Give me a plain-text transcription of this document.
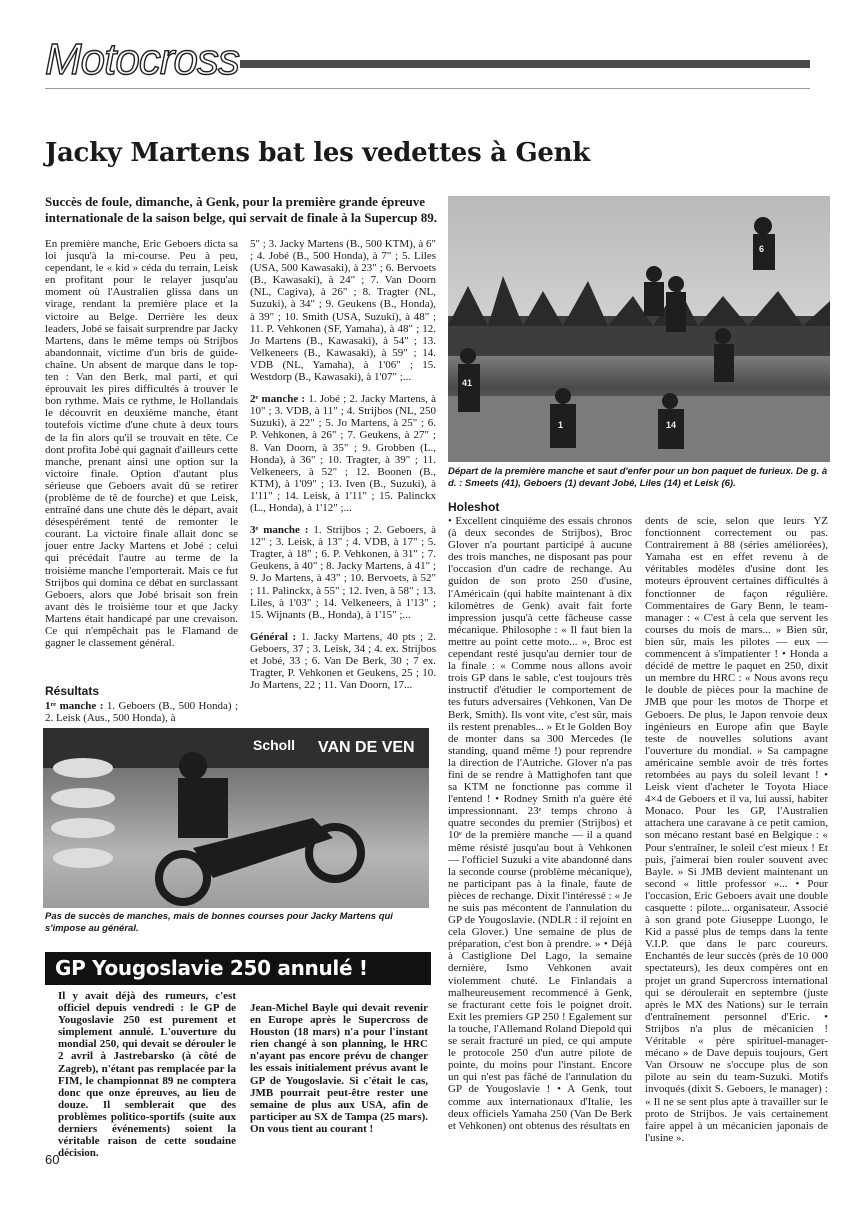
Motocross
Jacky Martens bat les vedettes à Genk
Succès de foule, dimanche, à Genk, pour la première grande épreuve internationale de la saison belge, qui servait de finale à la Supercup 89.

En première manche, Eric Geboers dicta sa loi jusqu'à la mi-course. Peu à peu, cependant, le « kid » céda du terrain, Leisk en profitant pour le relayer jusqu'au moment où l'Australien glissa dans un virage, rendant la première place et la victoire au Belge. Derrière les deux leaders, Jobé se faisait surprendre par Jacky Martens, dans le même temps où Strijbos abandonnait, victime d'un bris de guide-chaîne. Un absent de marque dans le top-ten : Van den Berk, mal parti, et qui éprouvait les pires difficultés à trouver le bon rythme. Mais ce rythme, le Hollandais le découvrit en deuxième manche, étant toutefois victime d'une chute à deux tours de la fin alors qu'il se trouvait en tête. Ce dont profita Jobé qui gagnait d'ailleurs cette manche, prenant ainsi une option sur la victoire finale. Option d'autant plus sérieuse que Geboers avait dû se retirer (problème de tê de fourche) et que Leisk, entraîné dans une chute dès le départ, avait désespérément tenté de remonter le courant. La victoire finale allait donc se jouer entre Jacky Martens et Jobé : celui qui précédait l'autre au terme de la troisième manche l'emporterait. Mais ce fut Strijbos qui domina ce débat en surclassant Geboers, alors que Jobé brisait son frein avant dès le troisième tour et que Jacky Martens était handicapé par une crevaison. Ce qui n'empêchait pas le Flamand de gagner le classement général.

Résultats
1ʳᵉ manche : 1. Geboers (B., 500 Honda) ; 2. Leisk (Aus., 500 Honda), à

5" ; 3. Jacky Martens (B., 500 KTM), à 6" ; 4. Jobé (B., 500 Honda), à 7" ; 5. Liles (USA, 500 Kawasaki), à 23" ; 6. Bervoets (B., Kawasaki), à 24" ; 7. Van Doorn (NL, Cagiva), à 26" ; 8. Tragter (NL, Suzuki), à 34" ; 9. Geukens (B., Honda), à 39" ; 10. Smith (USA, Suzuki), à 48" ; 11. P. Vehkonen (SF, Yamaha), à 48" ; 12. Jo Martens (B., Kawasaki), à 54" ; 13. Velkeneers (B., Kawasaki), à 59" ; 14. VDB (NL, Yamaha), à 1'06" ; 15. Westdorp (B., Kawasaki), à 1'07" ;...

2ᵉ manche : 1. Jobé ; 2. Jacky Martens, à 10" ; 3. VDB, à 11" ; 4. Strijbos (NL, 250 Suzuki), à 22" ; 5. Jo Martens, à 25" ; 6. P. Vehkonen, à 26" ; 7. Geukens, à 27" ; 8. Van Doorn, à 35" ; 9. Grobben (L., Honda), à 36" ; 10. Tragter, à 39" ; 11. Velkeneers, à 52" ; 12. Boonen (B., KTM), à 1'09" ; 13. Iven (B., Suzuki), à 1'11" ; 14. Leisk, à 1'11" ; 15. Palinckx (L., Honda), à 1'12" ;...

3ᵉ manche : 1. Strijbos ; 2. Geboers, à 12" ; 3. Leisk, à 13" ; 4. VDB, à 17" ; 5. Tragter, à 18" ; 6. P. Vehkonen, à 31" ; 7. Geukens, à 40" ; 8. Jacky Martens, à 41" ; 9. Jo Martens, à 43" ; 10. Bervoets, à 52" ; 11. Palinckx, à 55" ; 12. Iven, à 58" ; 13. Liles, à 1'03" ; 14. Velkeneers, à 1'13" ; 15. Wijnants (B., Honda), à 1'15" ;...

Général : 1. Jacky Martens, 40 pts ; 2. Geboers, 37 ; 3. Leisk, 34 ; 4. ex. Strijbos et Jobé, 33 ; 6. Van De Berk, 30 ; 7 ex. Tragter, P. Vehkonen et Geukens, 25 ; 10. Jo Martens, 22 ; 11. Van Doorn, 17...

6
41
1	14
Départ de la première manche et saut d'enfer pour un bon paquet de furieux. De g. à d. : Smeets (41), Geboers (1) devant Jobé, Liles (14) et Leisk (6).
Holeshot

• Excellent cinquième des essais chronos (à deux secondes de Strijbos), Broc Glover n'a pourtant participé à aucune des trois manches, ne disposant pas pour l'occasion d'un cadre de rechange. Au guidon de son proto 250 d'usine, l'Américain (qui habite maintenant à dix kilomètres de Genk) avait fait forte impression jusqu'à cette fâcheuse casse mécanique. Philosophe : « Il faut bien la mettre au point cette moto... », Broc est cependant resté jusqu'au dernier tour de la finale : « Comme nous allons avoir trois GP dans le sable, c'est toujours très instructif d'étudier le comportement de tes futurs adversaires (Vehkonen, Van De Berk, Smith). Ils vont vite, c'est sûr, mais ils restent prenables... » Et le Golden Boy de monter dans sa 300 Mercedes (le standing, quand même !) pour reprendre la direction de l'Autriche. Glover n'a pas fini de se rendre à Mattighofen tant que sa KTM ne fonctionne pas comme il l'entend ! • Rodney Smith n'a guère été impressionnant. 23ᵉ temps chrono à quatre secondes du premier (Strijbos) et 10ᵉ de la première manche — il a quand même résisté jusqu'au bout à Vehkonen — l'officiel Suzuki a vite abandonné dans la seconde course (problème mécanique), ne participant pas à la finale, faute de pièces de rechange. Dixit l'intéressé : « Je ne suis pas mécontent de l'annulation du GP de Yougoslavie. (NDLR : il rejoint en cela Glover.) Une semaine de plus de préparation, c'est bon à prendre. » • Déjà à Castiglione Del Lago, la semaine dernière, Ismo Vehkonen avait violemment chuté. Le Finlandais a malheureusement recommencé à Genk, se fracturant cette fois le poignet droit. Exit les premiers GP 250 ! Egalement sur la touche, l'Allemand Roland Diepold qui se serait fracturé un pied, ce qui ampute le protocole 250 d'un autre pilote de pointe, du moins pour l'instant. Encore un qui n'est pas fâché de l'annulation du GP de Yougoslavie ! • A Genk, tout comme aux internationaux d'Italie, les deux officiels Yamaha 250 (Van De Berk et Vehkonen) ont obtenus des résultats en

dents de scie, selon que leurs YZ fonctionnent correctement ou pas. Contrairement à 88 (séries améliorées), Yamaha est en effet revenu à de véritables modèles d'usine dont les moteurs éprouvent certaines difficultés à fonctionner de façon régulière. Commentaires de Gary Benn, le team-manager : « C'est à cela que servent les courses du mois de mars... » Bien sûr, bien sûr, mais les pilotes — eux — commencent à s'impatienter ! • Honda a décidé de mettre le paquet en 250, dixit un membre du HRC : « Nous avons reçu le double de pièces pour la machine de JMB que pour les motos de Thorpe et Geboers. De plus, le Japon renvoie deux ingénieurs en Europe afin que Bayle teste de nouvelles solutions avant l'ouverture du mondial. » Sa campagne américaine semble avoir de très fortes retombées au pays du soleil levant ! • Leisk vient d'acheter le Toyota Hiace 4×4 de Geboers et il va, lui aussi, habiter Monaco. Pour les GP, l'Australien attachera une caravane à ce petit camion, son mécano restant basé en Belgique : « Pour s'entraîner, le soleil c'est mieux ! Et puis, j'aimerai bien rouler souvent avec Bayle. » Si JMB devient maintenant un second « little professor »... • Pour l'occasion, Eric Geboers avait une double casquette : pilote... organisateur. Associé à son grand pote Giuseppe Luongo, le Kid a passé plus de temps dans la tente V.I.P. que dans le parc coureurs. Enchantés de leur succès (près de 10 000 spectateurs), les deux compères ont en projet un grand Supercross international qui se déroulerait en septembre (juste après le MX des Nations) sur le terrain d'entraînement personnel d'Eric. • Strijbos n'a plus de mécanicien ! Véritable « père spirituel-manager-mécano » de Dave depuis toujours, Gert Van Orsouw ne s'occupe plus de son pilote au sein du team-Suzuki. Motifs invoqués (dixit S. Geboers, le manager) : « Il ne se sent plus apte à travailler sur le proto de Strijbos. Je vais certainement faire appel à un mécanicien japonais de l'usine ».

Scholl VAN DE VEN
Pas de succès de manches, mais de bonnes courses pour Jacky Martens qui s'impose au général.
GP Yougoslavie 250 annulé !
Il y avait déjà des rumeurs, c'est officiel depuis vendredi : le GP de Yougoslavie 250 est purement et simplement annulé. L'ouverture du mondial 250, qui devait se dérouler le 2 avril à Jastrebarsko (à côté de Zagreb), n'étant pas remplacée par la FIM, le championnat 89 ne comptera donc que onze épreuves, au lieu de douze. Il semblerait que des problèmes politico-sportifs (suite aux derniers événements) soient la véritable raison de cette soudaine décision.
Jean-Michel Bayle qui devait revenir en Europe après le Supercross de Houston (18 mars) n'a pour l'instant rien changé à son planning, le HRC n'ayant pas encore prévu de changer les essais initialement prévus avant le GP de Yougoslavie. Si c'était le cas, JMB pourrait peut-être rester une semaine de plus aux USA, afin de participer au SX de Tampa (25 mars). On vous tient au courant !
60
